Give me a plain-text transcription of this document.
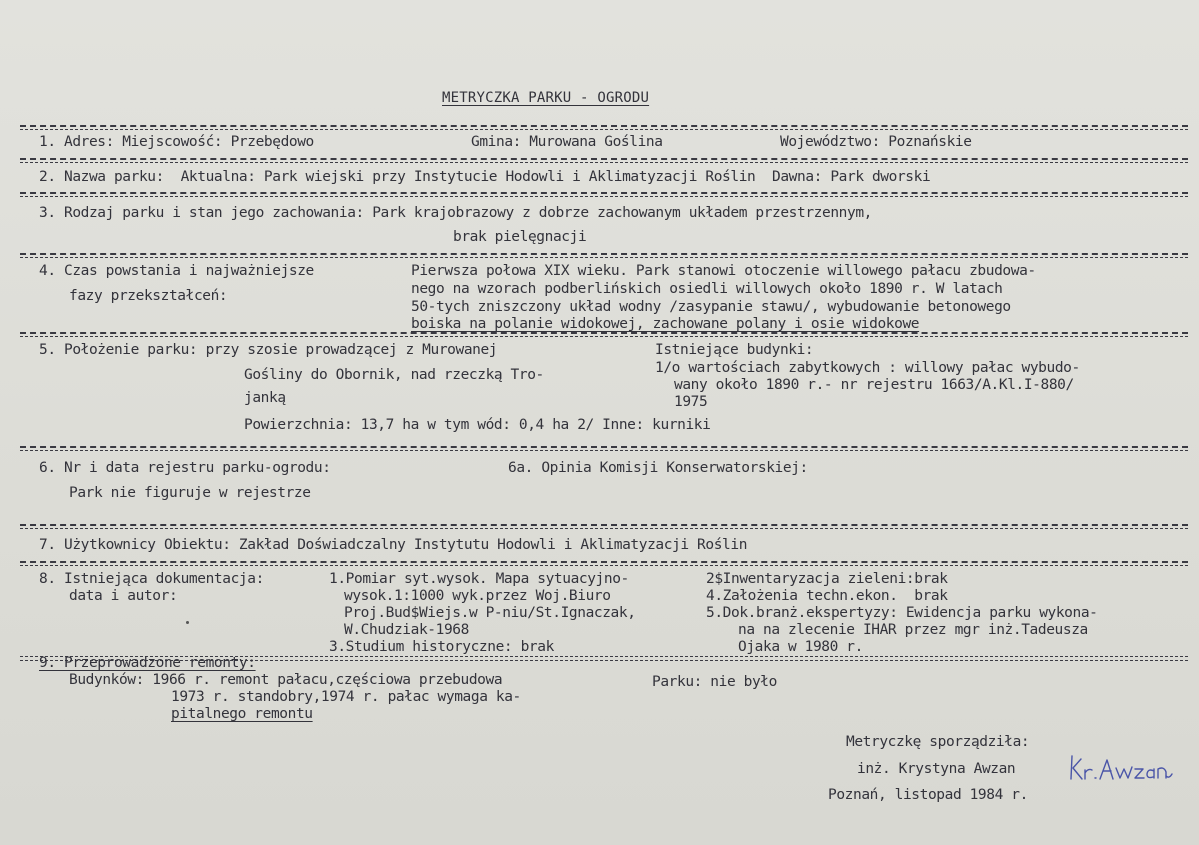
METRYCZKA PARKU - OGRODU
1. Adres: Miejscowość: Przebędowo	Gmina: Murowana Goślina	Województwo: Poznańskie
2. Nazwa parku:  Aktualna: Park wiejski przy Instytucie Hodowli i Aklimatyzacji Roślin  Dawna: Park dworski
3. Rodzaj parku i stan jego zachowania: Park krajobrazowy z dobrze zachowanym układem przestrzennym,
brak pielęgnacji
4. Czas powstania i najważniejsze
fazy przekształceń:
Pierwsza połowa XIX wieku. Park stanowi otoczenie willowego pałacu zbudowa-
nego na wzorach podberlińskich osiedli willowych około 1890 r. W latach
50-tych zniszczony układ wodny /zasypanie stawu/, wybudowanie betonowego
boiska na polanie widokowej, zachowane polany i osie widokowe
5. Położenie parku: przy szosie prowadzącej z Murowanej
Gośliny do Obornik, nad rzeczką Tro-
janką
Istniejące budynki:
1/o wartościach zabytkowych : willowy pałac wybudo-
wany około 1890 r.- nr rejestru 1663/A.Kl.I-880/
1975
Powierzchnia: 13,7 ha w tym wód: 0,4 ha 2/ Inne: kurniki
6. Nr i data rejestru parku-ogrodu:
Park nie figuruje w rejestrze
6a. Opinia Komisji Konserwatorskiej:
7. Użytkownicy Obiektu: Zakład Doświadczalny Instytutu Hodowli i Aklimatyzacji Roślin
8. Istniejąca dokumentacja:
data i autor:
1.Pomiar syt.wysok. Mapa sytuacyjno-
wysok.1:1000 wyk.przez Woj.Biuro
Proj.Bud$Wiejs.w P-niu/St.Ignaczak,
W.Chudziak-1968
3.Studium historyczne: brak
2$Inwentaryzacja zieleni:brak
4.Założenia techn.ekon.  brak
5.Dok.branż.ekspertyzy: Ewidencja parku wykona-
na na zlecenie IHAR przez mgr inż.Tadeusza
Ojaka w 1980 r.
9. Przeprowadzone remonty:
Budynków: 1966 r. remont pałacu,częściowa przebudowa
1973 r. standobry,1974 r. pałac wymaga ka-
pitalnego remontu
Parku: nie było
Metryczkę sporządziła:
inż. Krystyna Awzan
Poznań, listopad 1984 r.
